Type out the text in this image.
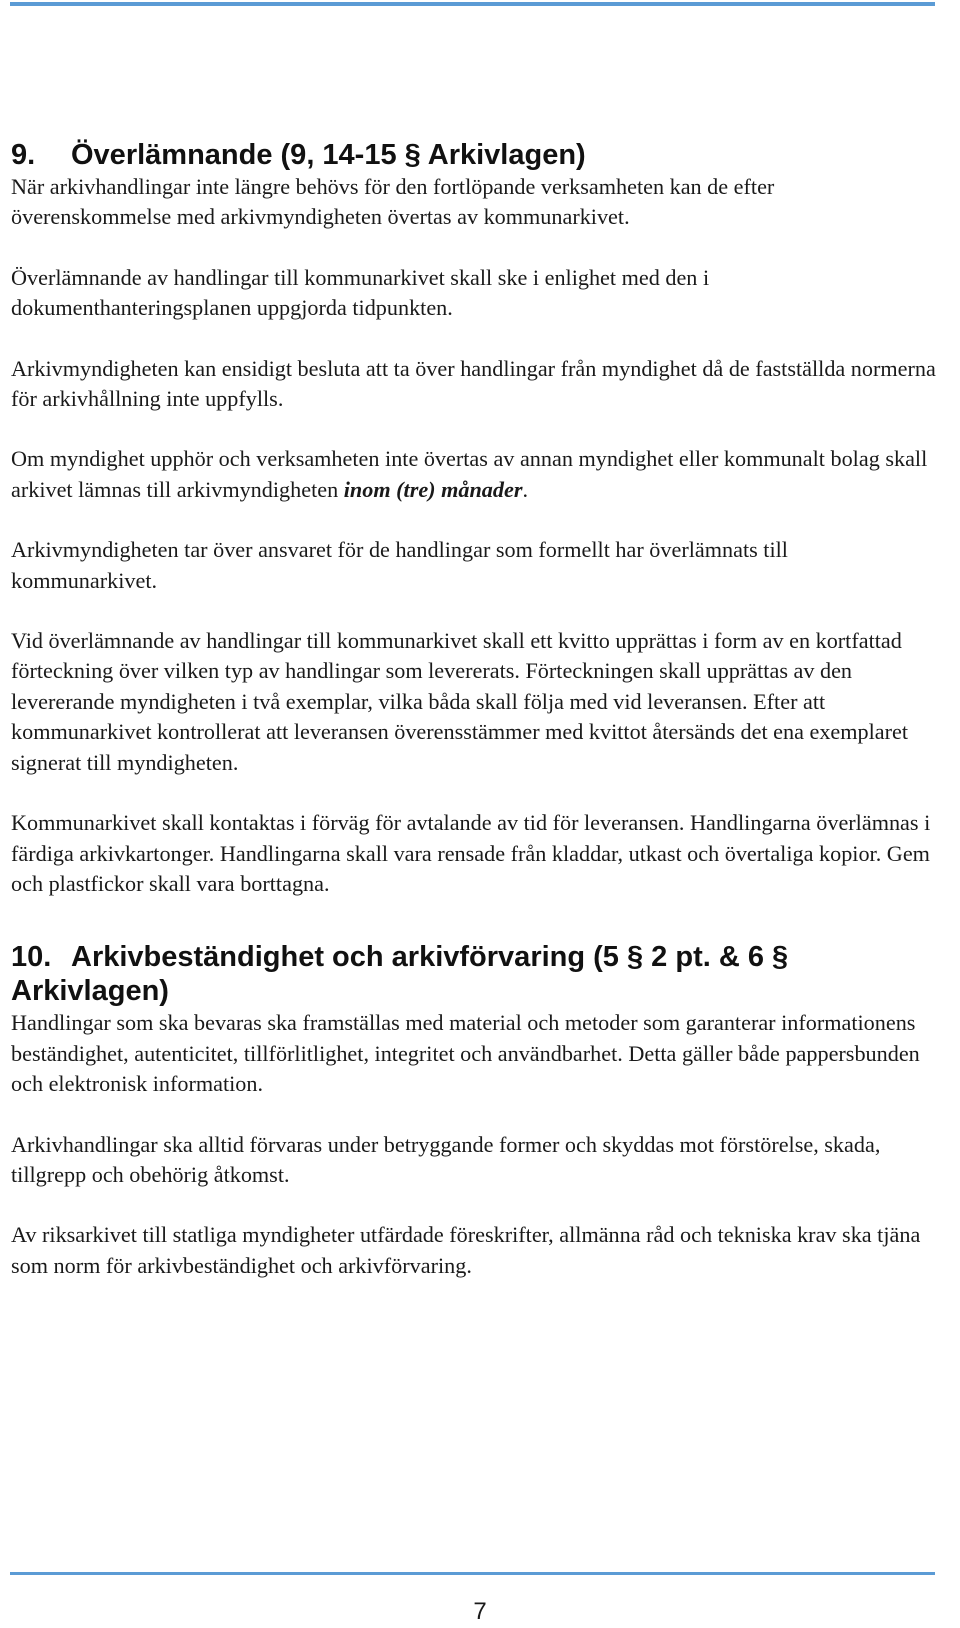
9. Överlämnande (9, 14-15 § Arkivlagen)

När arkivhandlingar inte längre behövs för den fortlöpande verksamheten kan de efter överenskommelse med arkivmyndigheten övertas av kommunarkivet.

Överlämnande av handlingar till kommunarkivet skall ske i enlighet med den i dokumenthanteringsplanen uppgjorda tidpunkten.

Arkivmyndigheten kan ensidigt besluta att ta över handlingar från myndighet då de fastställda normerna för arkivhållning inte uppfylls.

Om myndighet upphör och verksamheten inte övertas av annan myndighet eller kommunalt bolag skall arkivet lämnas till arkivmyndigheten inom (tre) månader.

Arkivmyndigheten tar över ansvaret för de handlingar som formellt har överlämnats till kommunarkivet.

Vid överlämnande av handlingar till kommunarkivet skall ett kvitto upprättas i form av en kortfattad förteckning över vilken typ av handlingar som levererats. Förteckningen skall upprättas av den levererande myndigheten i två exemplar, vilka båda skall följa med vid leveransen. Efter att kommunarkivet kontrollerat att leveransen överensstämmer med kvittot återsänds det ena exemplaret signerat till myndigheten.

Kommunarkivet skall kontaktas i förväg för avtalande av tid för leveransen. Handlingarna överlämnas i färdiga arkivkartonger. Handlingarna skall vara rensade från kladdar, utkast och övertaliga kopior. Gem och plastfickor skall vara borttagna.

10. Arkivbeständighet och arkivförvaring (5 § 2 pt. & 6 § Arkivlagen)

Handlingar som ska bevaras ska framställas med material och metoder som garanterar informationens beständighet, autenticitet, tillförlitlighet, integritet och användbarhet. Detta gäller både pappersbunden och elektronisk information.

Arkivhandlingar ska alltid förvaras under betryggande former och skyddas mot förstörelse, skada, tillgrepp och obehörig åtkomst.

Av riksarkivet till statliga myndigheter utfärdade föreskrifter, allmänna råd och tekniska krav ska tjäna som norm för arkivbeständighet och arkivförvaring.

7
